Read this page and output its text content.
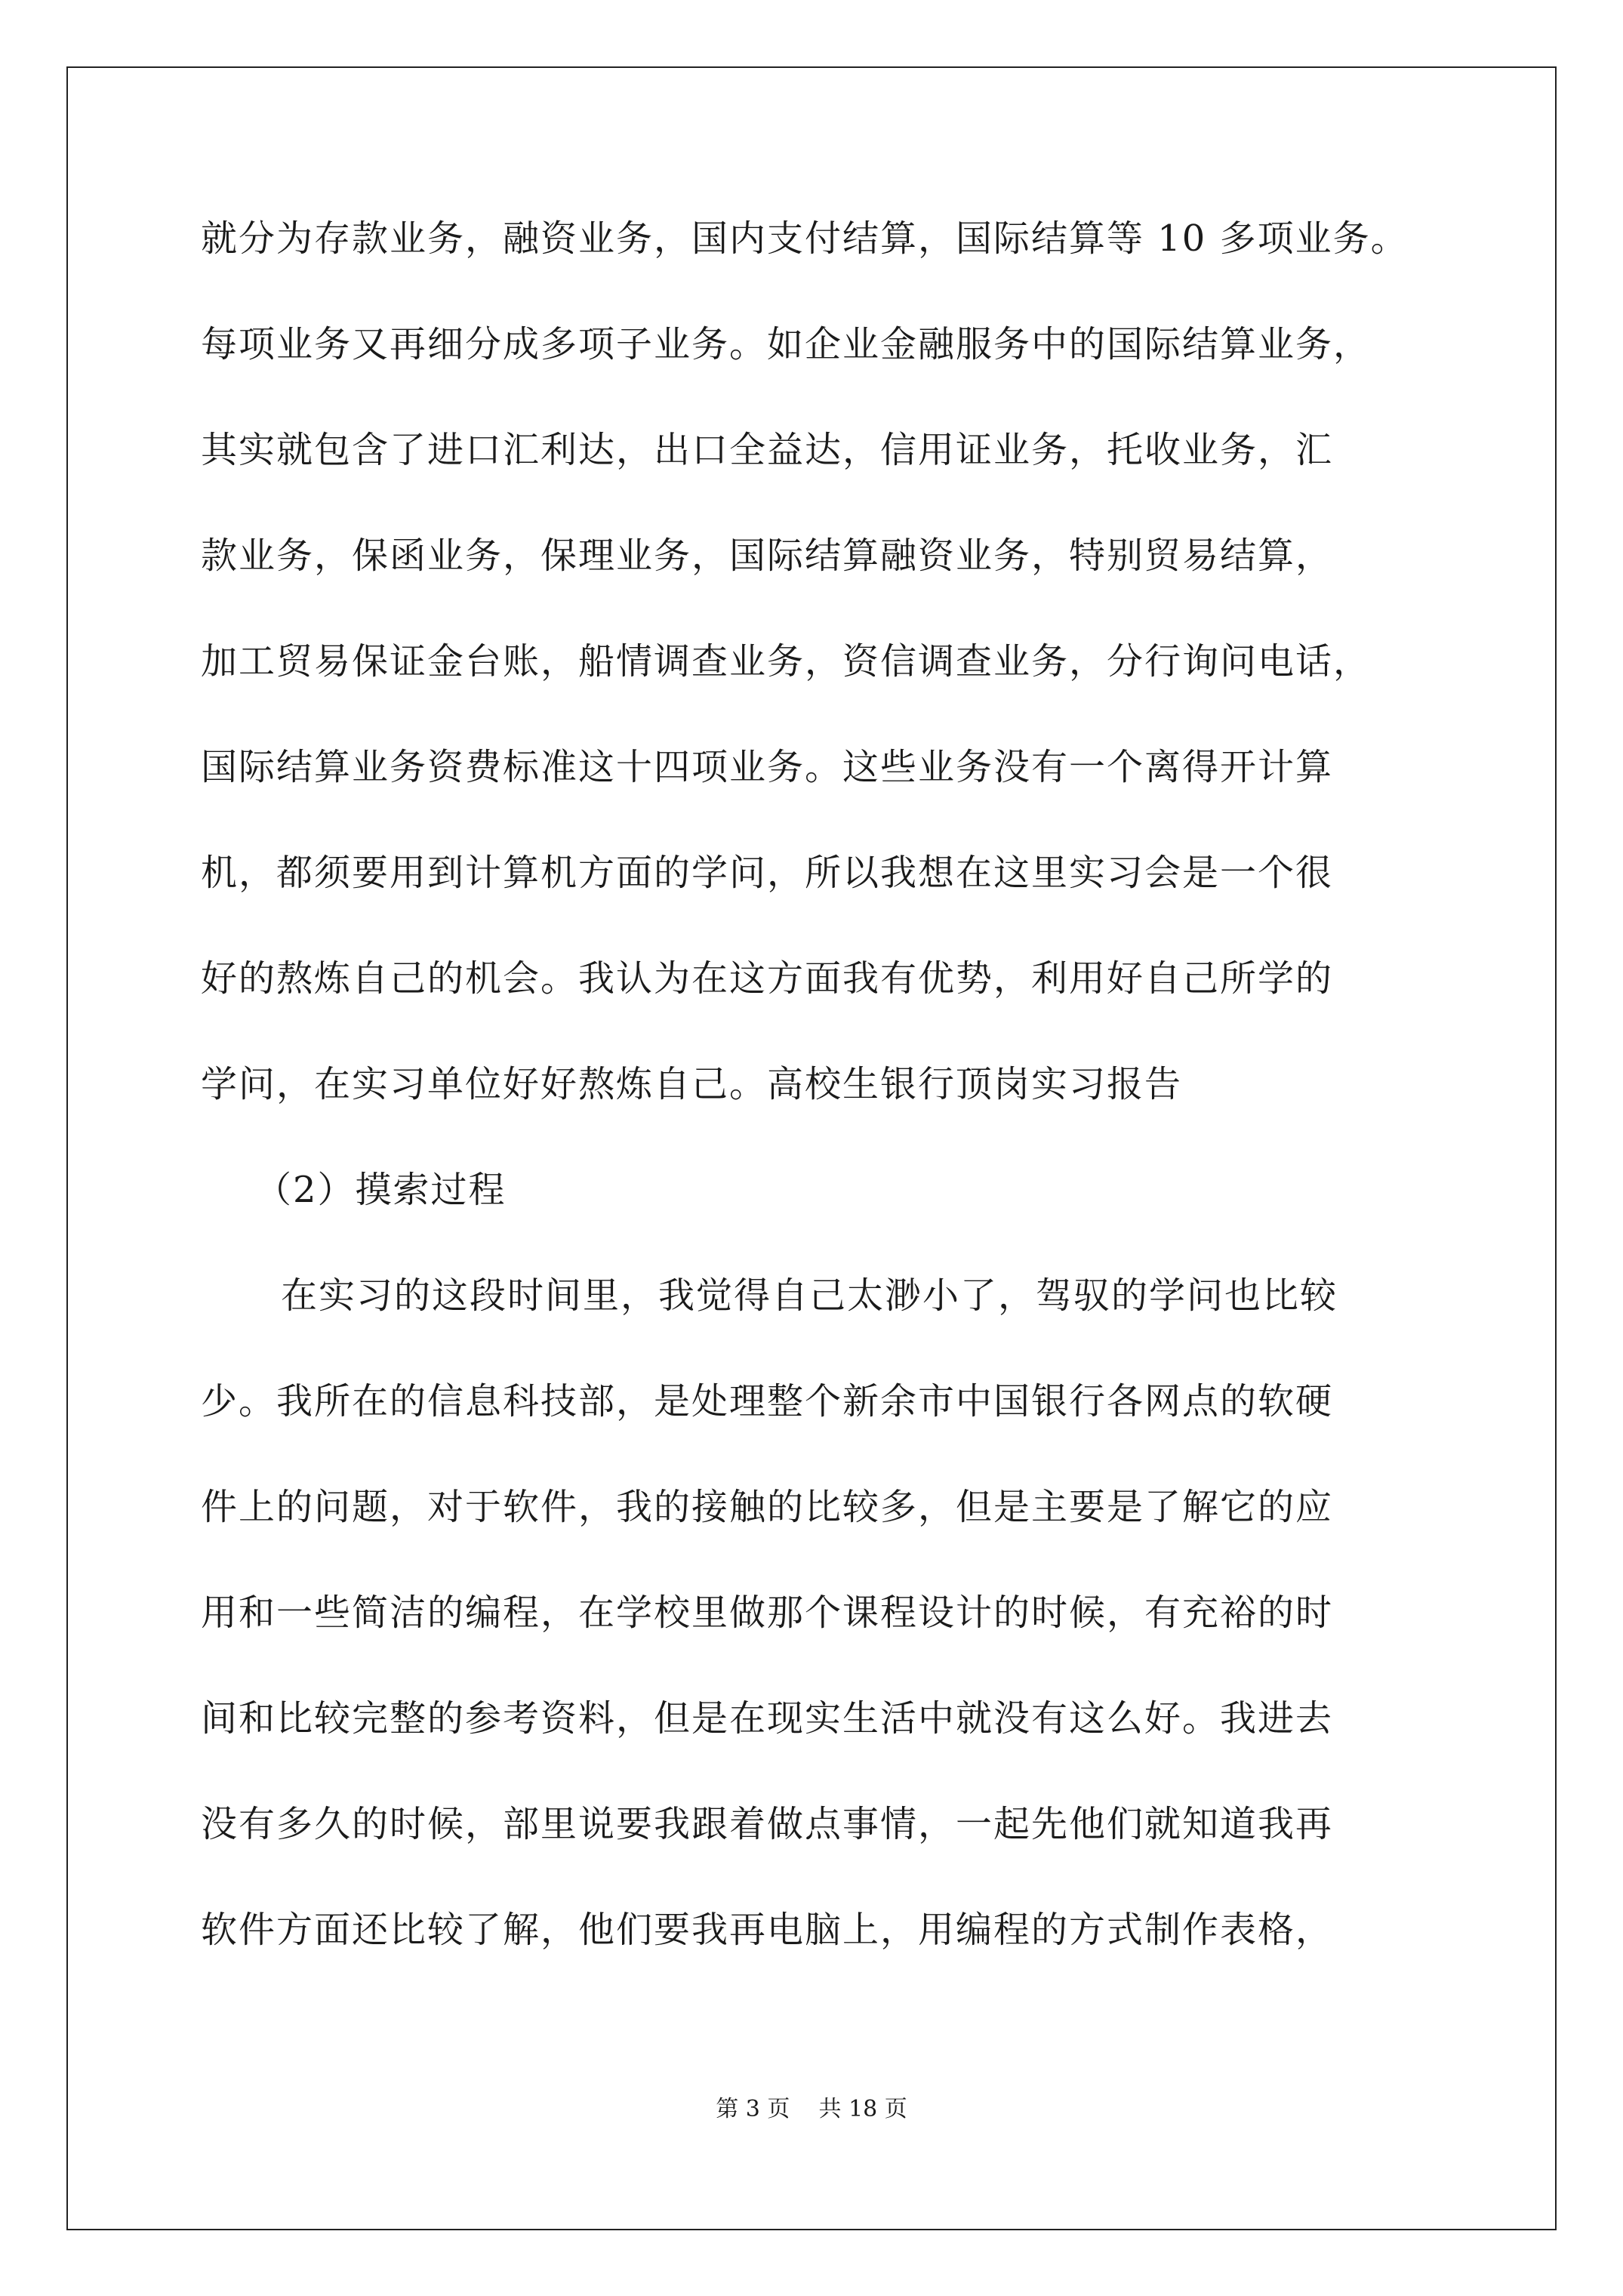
就分为存款业务，融资业务，国内支付结算，国际结算等 10 多项业务。
每项业务又再细分成多项子业务。如企业金融服务中的国际结算业务，
其实就包含了进口汇利达，出口全益达，信用证业务，托收业务，汇
款业务，保函业务，保理业务，国际结算融资业务，特别贸易结算，
加工贸易保证金台账，船情调查业务，资信调查业务，分行询问电话，
国际结算业务资费标准这十四项业务。这些业务没有一个离得开计算
机，都须要用到计算机方面的学问，所以我想在这里实习会是一个很
好的熬炼自己的机会。我认为在这方面我有优势，利用好自己所学的
学问，在实习单位好好熬炼自己。高校生银行顶岗实习报告
（2）摸索过程
在实习的这段时间里，我觉得自己太渺小了，驾驭的学问也比较
少。我所在的信息科技部，是处理整个新余市中国银行各网点的软硬
件上的问题，对于软件，我的接触的比较多，但是主要是了解它的应
用和一些简洁的编程，在学校里做那个课程设计的时候，有充裕的时
间和比较完整的参考资料，但是在现实生活中就没有这么好。我进去
没有多久的时候，部里说要我跟着做点事情，一起先他们就知道我再
软件方面还比较了解，他们要我再电脑上，用编程的方式制作表格，
第 3 页 共 18 页
